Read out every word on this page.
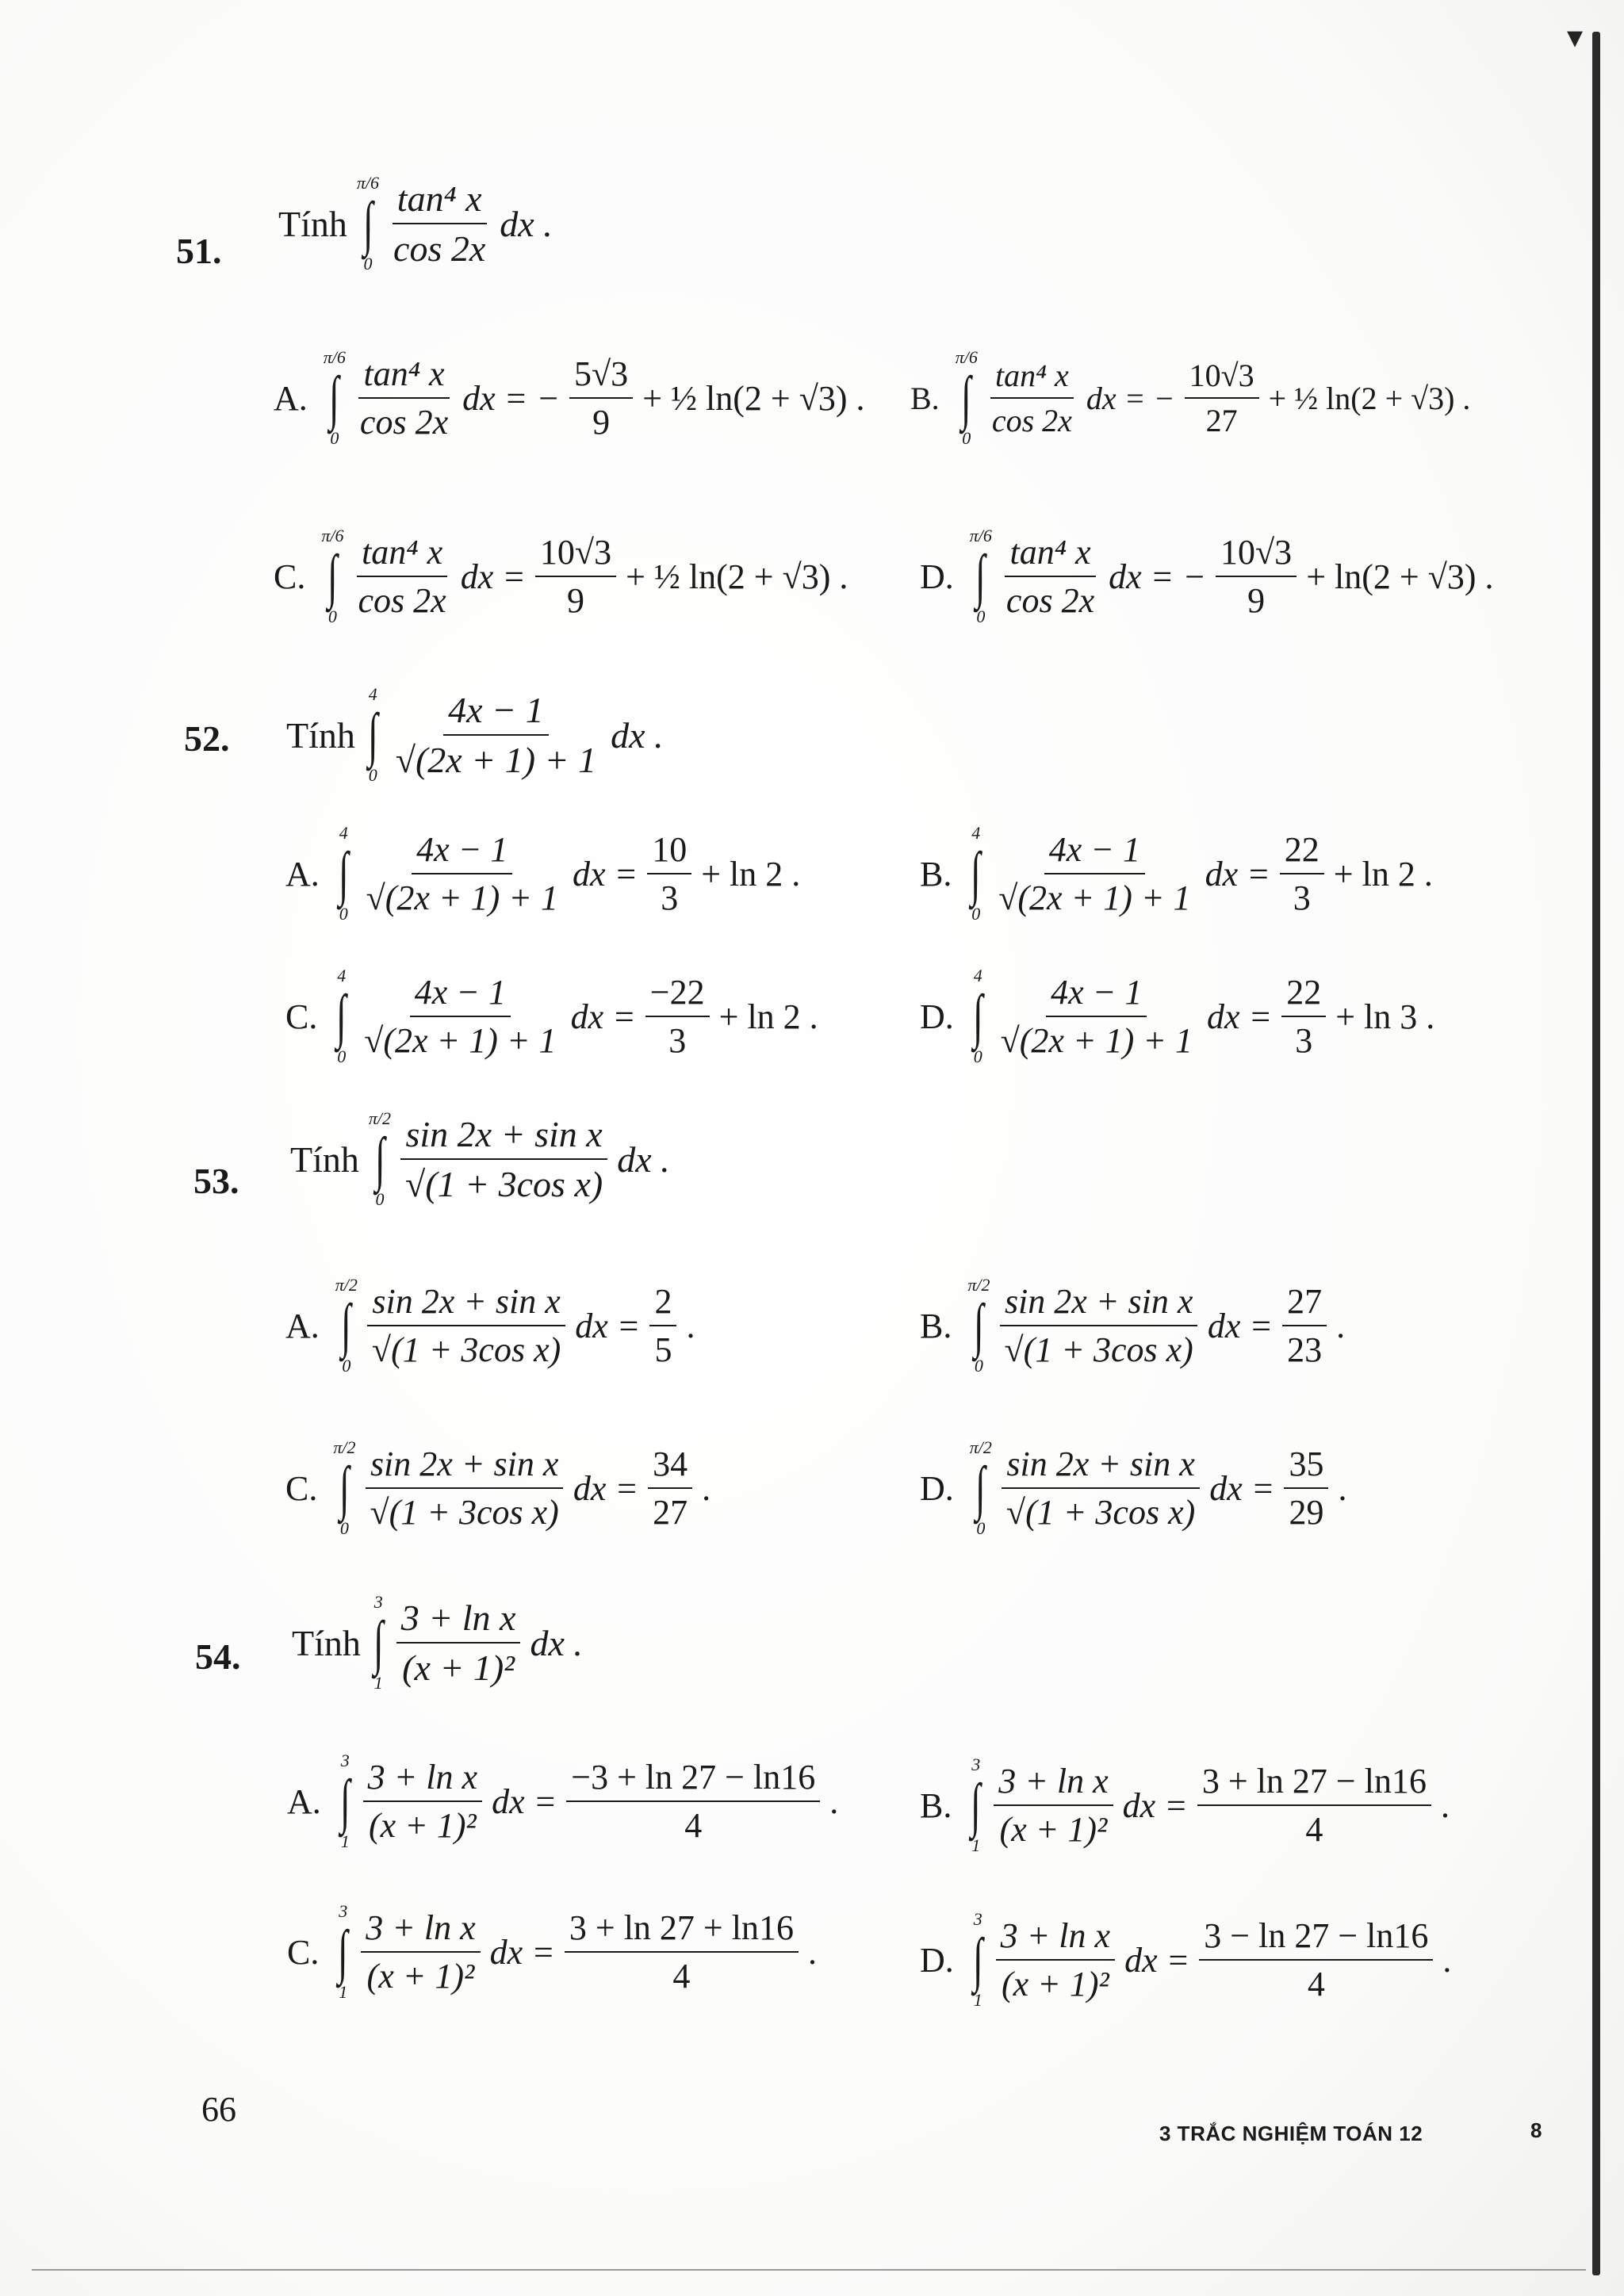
▾
51.
Tính
π/6
∫
$0 \frac{\text{tan⁴ x}}{\cos 2x}$ dx .
A.
π/6
∫
$0 \frac{\text{tan⁴ x}}{\cos 2x}$ dx = − $\frac{5√3}{9}$ + ½ ln(2 + √3) . B.
π/6
∫
$0 \frac{\text{tan⁴ x}}{\cos 2x}$ dx = − $\frac{10√3}{27}$ + ½ ln(2 + √3) .
C.
π/6
∫
$0 \frac{\text{tan⁴ x}}{\cos 2x}$ dx = $\frac{10√3}{9}$ + ½ ln(2 + √3) . D.
π/6
∫
$0 \frac{\text{tan⁴ x}}{\cos 2x}$ dx = − $\frac{10√3}{9} + \ln(2 + √3)$ .
52. Tính
4
∫
$0 \frac{4x - 1}{√(2x + 1) + 1}$ dx .
A.
4
∫
$0 \frac{4x - 1}{√(2x + 1) + 1}$ dx = $\frac{10}{3} + \ln 2$ .	B.
4
∫
$0 \frac{4x - 1}{√(2x + 1) + 1}$ dx = $\frac{22}{3} + \ln 2$ .
C.
4
∫
$0 \frac{4x - 1}{√(2x + 1) + 1}$ dx = $\frac{-22}{3} + \ln 2$ .	D.
4
∫
$0 \frac{4x - 1}{√(2x + 1) + 1}$ dx = $\frac{22}{3} + \ln 3$ .
53.
Tính
π/2
∫
$0 \frac{\text{sin 2x + sin x}}{\text{√(1 + 3cos x)}}$ dx .
A.
π/2
∫
$0 \frac{\text{sin 2x + sin x}}{\text{√(1 + 3cos x)}}$ dx = $\frac{2}{5}$ .	B.
π/2
∫
$0 \frac{\text{sin 2x + sin x}}{\text{√(1 + 3cos x)}}$ dx = $\frac{27}{23}$ .
C.
π/2
∫
$0 \frac{\text{sin 2x + sin x}}{\text{√(1 + 3cos x)}}$ dx = $\frac{34}{27}$ .	D.
π/2
∫
$0 \frac{\text{sin 2x + sin x}}{\text{√(1 + 3cos x)}}$ dx = $\frac{35}{29}$ .
54. Tính
3
∫
$1 \frac{\text{3 + ln x}}{\text{(x + 1)²}}$ dx .
A.
3
∫
$1 \frac{\text{3 + ln x}}{\text{(x + 1)²}}$ dx = $\frac{-3 + \ln 27 - \ln 16}{4}$ . B.
3
∫
$1 \frac{\text{3 + ln x}}{\text{(x + 1)²}}$ dx = $\frac{3 + \ln 27 - \ln 16}{4}$ .
C.
3
∫
$1 \frac{\text{3 + ln x}}{\text{(x + 1)²}}$ dx = $\frac{3 + \ln 27 + \ln 16}{4}$ .	D.
3
∫
$1 \frac{\text{3 + ln x}}{\text{(x + 1)²}}$ dx = $\frac{3 - \ln 27 - \ln 16}{4}$ .
66
3 TRẮC NGHIỆM TOÁN 12	8
